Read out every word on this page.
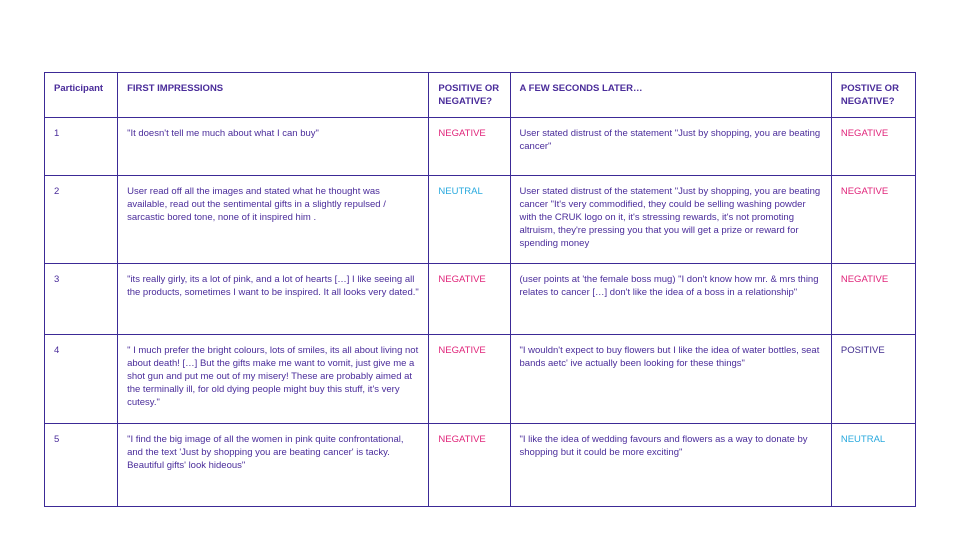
Participant	FIRST IMPRESSIONS	POSITIVE OR NEGATIVE?	A FEW SECONDS LATER…	POSTIVE OR NEGATIVE?
1	"It doesn't tell me much about what I can buy"	NEGATIVE	User stated distrust of the statement "Just by shopping, you are beating cancer"	NEGATIVE
2	User read off all the images and stated what he thought was available, read out the sentimental gifts in a slightly repulsed / sarcastic bored tone, none of it inspired him .	NEUTRAL	User stated distrust of the statement "Just by shopping, you are beating cancer "It's very commodified, they could be selling washing powder with the CRUK logo on it, it's stressing rewards, it's not promoting altruism, they're pressing you that you will get a prize or reward for spending money	NEGATIVE
3	"its really girly, its a lot of pink, and a lot of hearts […] I like seeing all the products, sometimes I want to be inspired. It all looks very dated."	NEGATIVE	(user points at 'the female boss mug) "I don't know how mr. & mrs thing relates to cancer […] don't like the idea of a boss in a relationship"	NEGATIVE
4	" I much prefer the bright colours, lots of smiles, its all about living not about death! […] But the gifts make me want to vomit, just give me a shot gun and put me out of my misery! These are probably aimed at the terminally ill, for old dying people might buy this stuff, it's very cutesy."	NEGATIVE	"I wouldn't expect to buy flowers but I like the idea of water bottles, seat bands aetc' ive actually been looking for these things"	POSITIVE
5	"I find the big image of all the women in pink quite confrontational, and the text 'Just by shopping you are beating cancer' is tacky. Beautiful gifts' look hideous"	NEGATIVE	"I like the idea of wedding favours and flowers as a way to donate by shopping but it could be more exciting"	NEUTRAL
